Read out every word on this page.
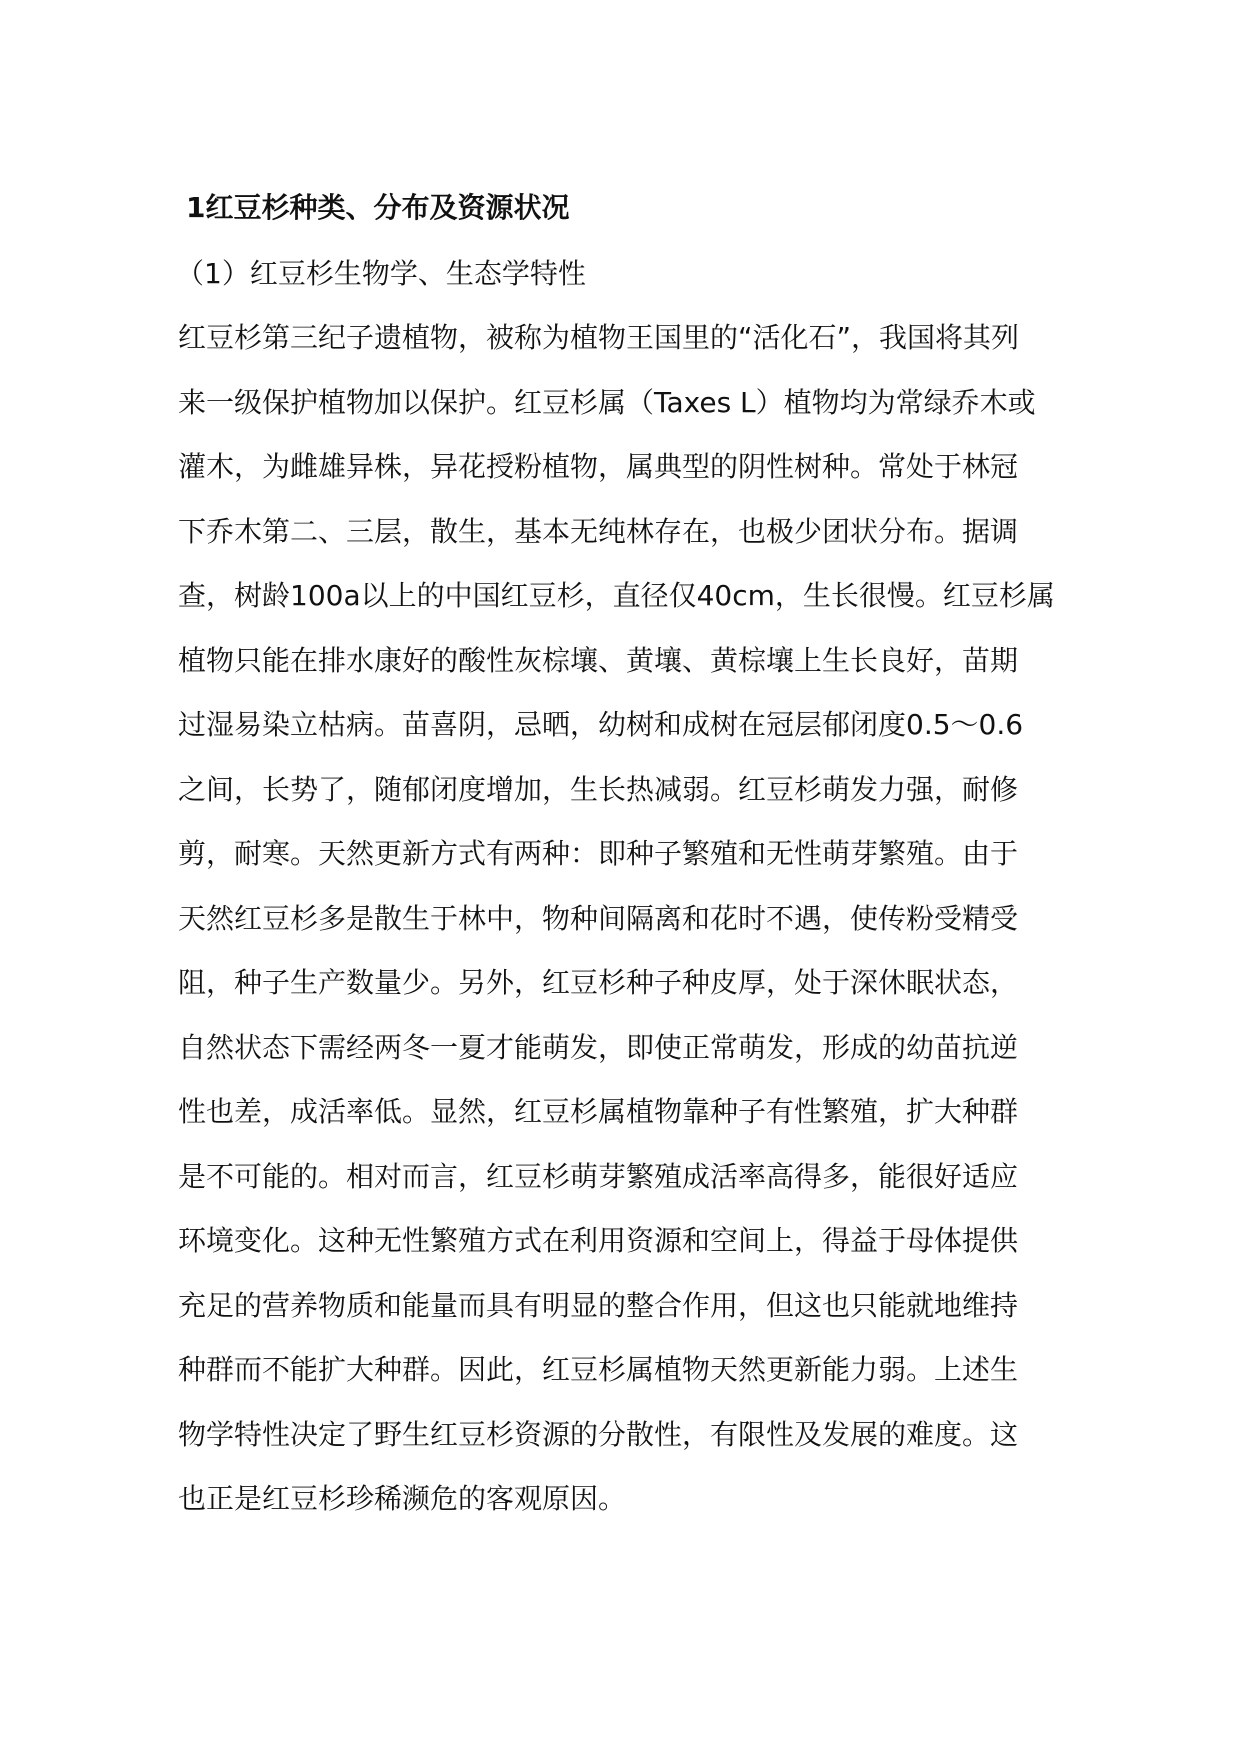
1红豆杉种类、分布及资源状况
（1）红豆杉生物学、生态学特性
红豆杉第三纪子遗植物，被称为植物王国里的“活化石”，我国将其列
来一级保护植物加以保护。红豆杉属（Taxes L）植物均为常绿乔木或
灌木，为雌雄异株，异花授粉植物，属典型的阴性树种。常处于林冠
下乔木第二、三层，散生，基本无纯林存在，也极少团状分布。据调
查，树龄100a以上的中国红豆杉，直径仅40cm，生长很慢。红豆杉属
植物只能在排水康好的酸性灰棕壤、黄壤、黄棕壤上生长良好，苗期
过湿易染立枯病。苗喜阴，忌晒，幼树和成树在冠层郁闭度0.5～0.6
之间，长势了，随郁闭度增加，生长热减弱。红豆杉萌发力强，耐修
剪，耐寒。天然更新方式有两种：即种子繁殖和无性萌芽繁殖。由于
天然红豆杉多是散生于林中，物种间隔离和花时不遇，使传粉受精受
阻，种子生产数量少。另外，红豆杉种子种皮厚，处于深休眠状态，
自然状态下需经两冬一夏才能萌发，即使正常萌发，形成的幼苗抗逆
性也差，成活率低。显然，红豆杉属植物靠种子有性繁殖，扩大种群
是不可能的。相对而言，红豆杉萌芽繁殖成活率高得多，能很好适应
环境变化。这种无性繁殖方式在利用资源和空间上，得益于母体提供
充足的营养物质和能量而具有明显的整合作用，但这也只能就地维持
种群而不能扩大种群。因此，红豆杉属植物天然更新能力弱。上述生
物学特性决定了野生红豆杉资源的分散性，有限性及发展的难度。这
也正是红豆杉珍稀濒危的客观原因。
